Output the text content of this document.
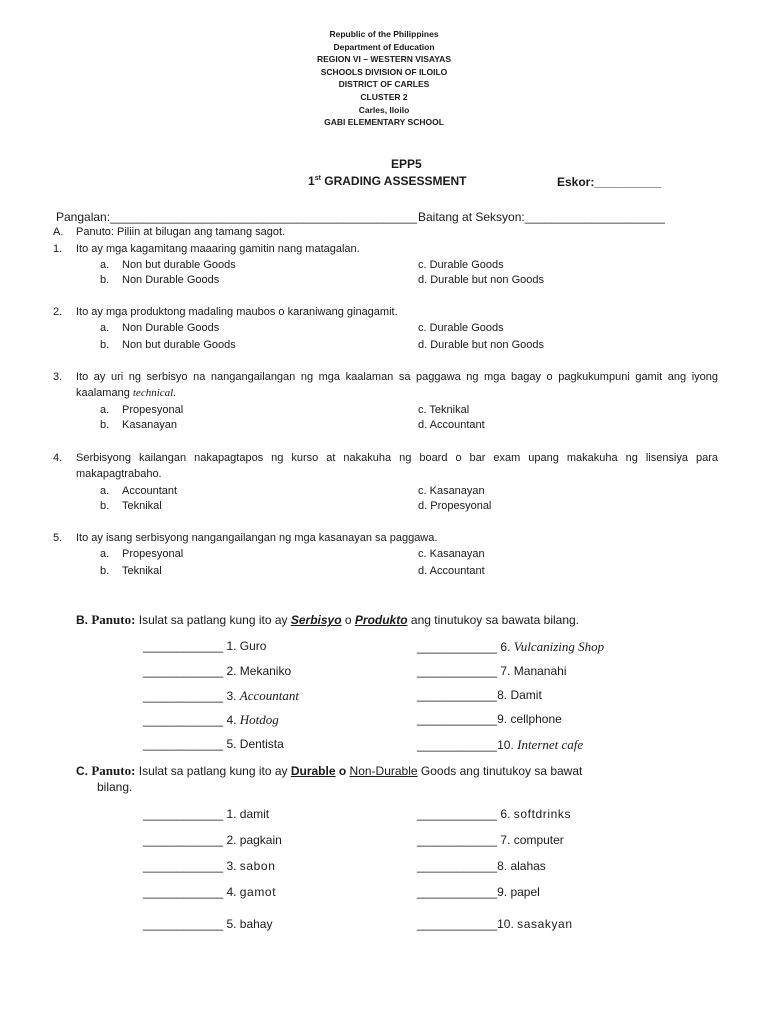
Republic of the Philippines
Department of Education
REGION VI – WESTERN VISAYAS
SCHOOLS DIVISION OF ILOILO
DISTRICT OF CARLES
CLUSTER 2
Carles, Iloilo
GABI ELEMENTARY SCHOOL
EPP5
1st GRADING ASSESSMENT	Eskor:__________
Pangalan:______________________________________________ Baitang at Seksyon:_____________________
A. Panuto: Piliin at bilugan ang tamang sagot.
1. Ito ay mga kagamitang maaaring gamitin nang matagalan.
a. Non but durable Goods	c. Durable Goods
b. Non Durable Goods	d. Durable but non Goods
2. Ito ay mga produktong madaling maubos o karaniwang ginagamit.
a. Non Durable Goods	c. Durable Goods
b. Non but durable Goods	d. Durable but non Goods
3. Ito ay uri ng serbisyo na nangangailangan ng mga kaalaman sa paggawa ng mga bagay o pagkukumpuni gamit ang iyong
kaalamang technical.
a. Propesyonal	c. Teknikal
b. Kasanayan	d. Accountant
4. Serbisyong kailangan nakapagtapos ng kurso at nakakuha ng board o bar exam upang makakuha ng lisensiya para
makapagtrabaho.
a. Accountant	c. Kasanayan
b. Teknikal	d. Propesyonal
5. Ito ay isang serbisyong nangangailangan ng mga kasanayan sa paggawa.
a. Propesyonal	c. Kasanayan
b. Teknikal	d. Accountant
B. Panuto: Isulat sa patlang kung ito ay Serbisyo o Produkto ang tinutukoy sa bawata bilang.
____________ 1. Guro
____________ 2. Mekaniko
____________ 3. Accountant
____________ 4. Hotdog
____________ 5. Dentista
____________ 6. Vulcanizing Shop
____________ 7. Mananahi
____________8. Damit
____________9. cellphone
____________10. Internet cafe
C. Panuto: Isulat sa patlang kung ito ay Durable o Non-Durable Goods ang tinutukoy sa bawat
bilang.
____________ 1. damit
____________ 2. pagkain
____________ 3. sabon
____________ 4. gamot
____________ 5. bahay
____________ 6. softdrinks
____________ 7. computer
____________8. alahas
____________9. papel
____________10. sasakyan
